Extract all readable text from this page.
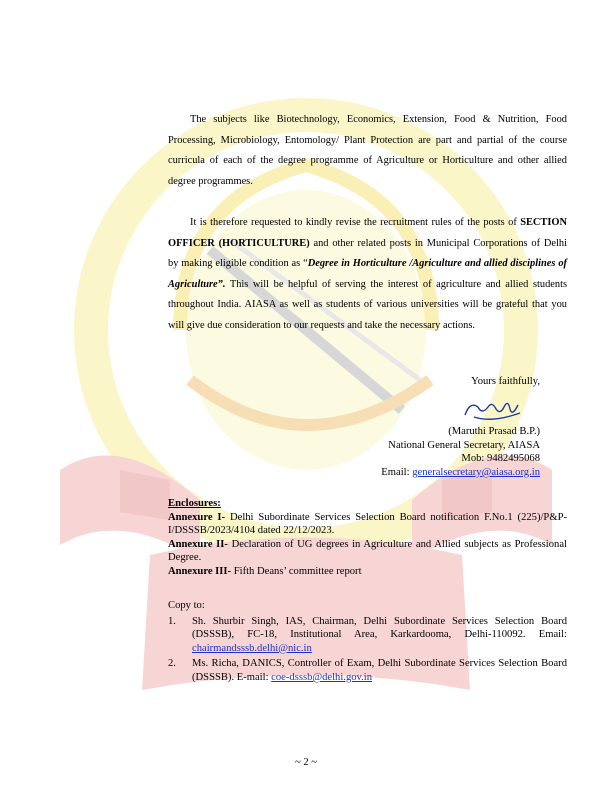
The subjects like Biotechnology, Economics, Extension, Food & Nutrition, Food Processing, Microbiology, Entomology/ Plant Protection are part and partial of the course curricula of each of the degree programme of Agriculture or Horticulture and other allied degree programmes.

It is therefore requested to kindly revise the recruitment rules of the posts of SECTION OFFICER (HORTICULTURE) and other related posts in Municipal Corporations of Delhi by making eligible condition as “Degree in Horticulture /Agriculture and allied disciplines of Agriculture”. This will be helpful of serving the interest of agriculture and allied students throughout India. AIASA as well as students of various universities will be grateful that you will give due consideration to our requests and take the necessary actions.

Yours faithfully,
(Maruthi Prasad B.P.)
National General Secretary, AIASA
Mob: 9482495068
Email: generalsecretary@aiasa.org.in
Enclosures:
Annexure I- Delhi Subordinate Services Selection Board notification F.No.1 (225)/P&P-I/DSSSB/2023/4104 dated 22/12/2023.
Annexure II- Declaration of UG degrees in Agriculture and Allied subjects as Professional Degree.
Annexure III- Fifth Deans’ committee report
Copy to:
1.	Sh. Shurbir Singh, IAS, Chairman, Delhi Subordinate Services Selection Board (DSSSB), FC-18, Institutional Area, Karkardooma, Delhi-110092. Email: chairmandsssb.delhi@nic.in
2.	Ms. Richa, DANICS, Controller of Exam, Delhi Subordinate Services Selection Board (DSSSB). E-mail: coe-dsssb@delhi.gov.in
~ 2 ~
